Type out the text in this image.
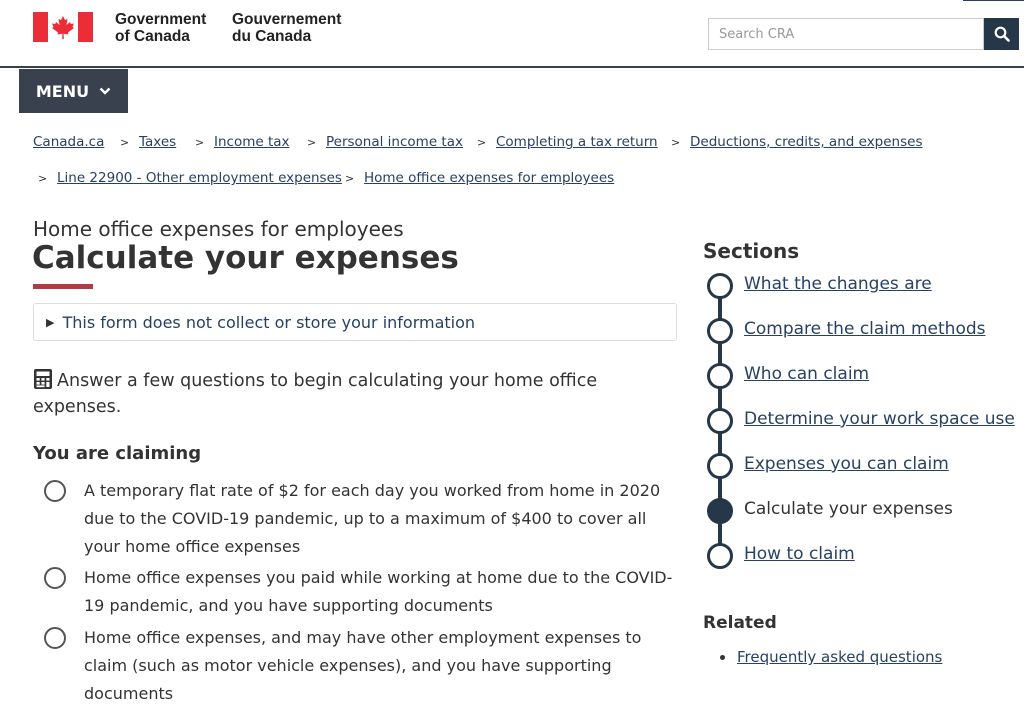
Government
of Canada
Gouvernement
du Canada
Search CRA
MENU
Canada.ca > Taxes > Income tax > Personal income tax > Completing a tax return > Deductions, credits, and expenses
> Line 22900 - Other employment expenses > Home office expenses for employees
Home office expenses for employees
Calculate your expenses
▶ This form does not collect or store your information

Answer a few questions to begin calculating your home office expenses.

You are claiming
A temporary flat rate of $2 for each day you worked from home in 2020 due to the COVID-19 pandemic, up to a maximum of $400 to cover all your home office expenses
Home office expenses you paid while working at home due to the COVID-19 pandemic, and you have supporting documents
Home office expenses, and may have other employment expenses to claim (such as motor vehicle expenses), and you have supporting documents
Sections
What the changes are
Compare the claim methods
Who can claim
Determine your work space use
Expenses you can claim
Calculate your expenses
How to claim
Related
Frequently asked questions
